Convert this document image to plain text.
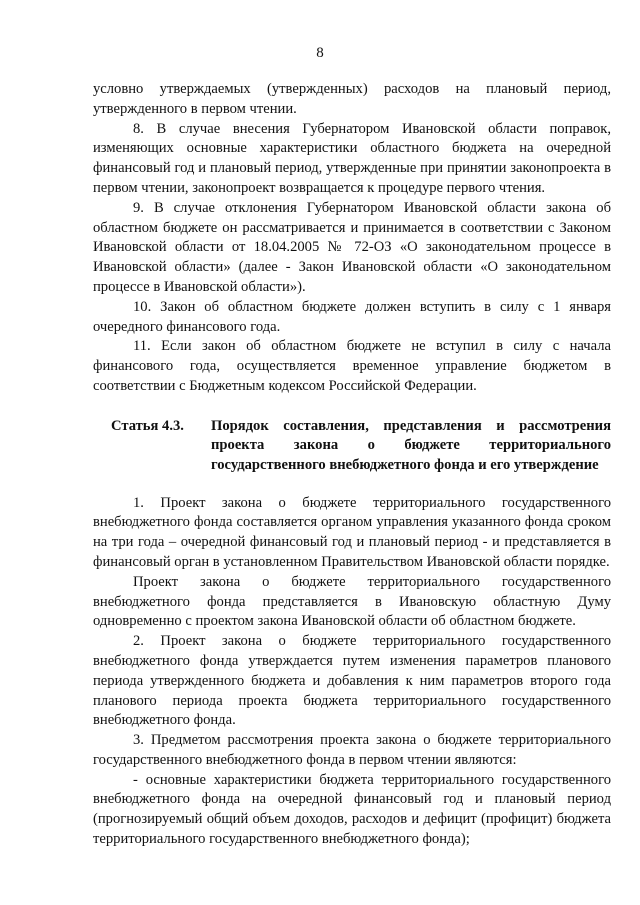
8

условно утверждаемых (утвержденных) расходов на плановый период, утвержденного в первом чтении.

8. В случае внесения Губернатором Ивановской области поправок, изменяющих основные характеристики областного бюджета на очередной финансовый год и плановый период, утвержденные при принятии законопроекта в первом чтении, законопроект возвращается к процедуре первого чтения.

9. В случае отклонения Губернатором Ивановской области закона об областном бюджете он рассматривается и принимается в соответствии с Законом Ивановской области от 18.04.2005 № 72-ОЗ «О законодательном процессе в Ивановской области» (далее - Закон Ивановской области «О законодательном процессе в Ивановской области»).

10. Закон об областном бюджете должен вступить в силу с 1 января очередного финансового года.

11. Если закон об областном бюджете не вступил в силу с начала финансового года, осуществляется временное управление бюджетом в соответствии с Бюджетным кодексом Российской Федерации.

Статья 4.3.	Порядок составления, представления и рассмотрения проекта закона о бюджете территориального государственного внебюджетного фонда и его утверждение

1. Проект закона о бюджете территориального государственного внебюджетного фонда составляется органом управления указанного фонда сроком на три года – очередной финансовый год и плановый период - и представляется в финансовый орган в установленном Правительством Ивановской области порядке.

Проект закона о бюджете территориального государственного внебюджетного фонда представляется в Ивановскую областную Думу одновременно с проектом закона Ивановской области об областном бюджете.

2. Проект закона о бюджете территориального государственного внебюджетного фонда утверждается путем изменения параметров планового периода утвержденного бюджета и добавления к ним параметров второго года планового периода проекта бюджета территориального государственного внебюджетного фонда.

3. Предметом рассмотрения проекта закона о бюджете территориального государственного внебюджетного фонда в первом чтении являются:

- основные характеристики бюджета территориального государственного внебюджетного фонда на очередной финансовый год и плановый период (прогнозируемый общий объем доходов, расходов и дефицит (профицит) бюджета территориального государственного внебюджетного фонда);
